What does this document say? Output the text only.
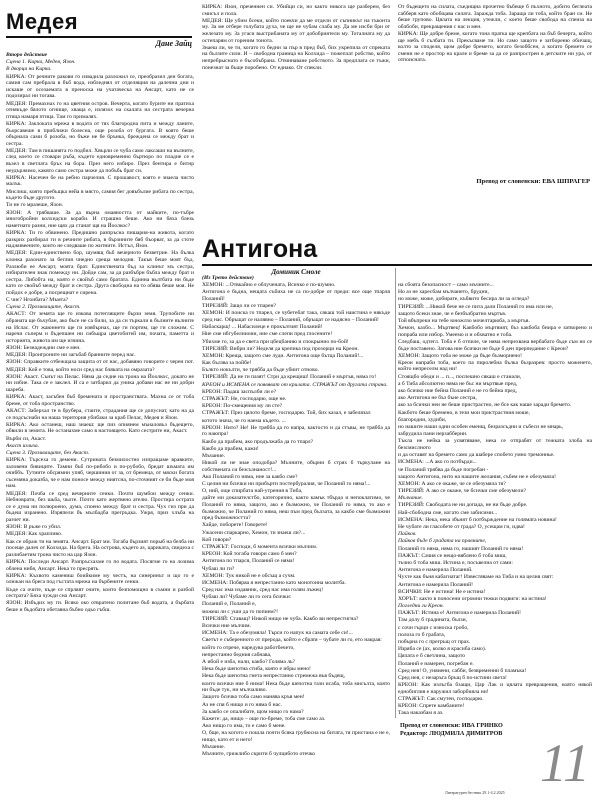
Медея
Дане Зайц

Второ действие

Сцена 1. Кирка, Медея, Язон.

В дворца на Кирка.

КИРКА: От речните ракови го извадила разложил се, преобразил ден богата, самия сам пребрала в бъб вода, избледнял от отделящия на далечни дни и искаше от осезаемата в преноска на учатаческа на Ансарт, като не се подозирал ни тогава.

МЕДЕЯ: Премахнах го на цветния остров. Вечерта, когато бурите ни пратиха отнякъде бялото огнище, хваща е, излязох на скалата на сестрата вечерна птица намаря птица. Там го прималях.

КИРКА: Заклоката мрежа в водата от тях благородна пита и между ланите, бъорсавеше в приближи болесна, още розоба от бургата. В която беше обърнала сами б розоба, но бъже не бе брънка, бреждена се между брат и сестра.

МЕДЕЯ: Там в пишанята го подбил. Хвърли се чуба само лаксаши на вълните, след което се стовари ръба, където едновременно бъртюро по пладне се е възел в светлата бръх на бора. През него избиро. През бентира е битнр неудържимо, каквто само сестра може да побъбь брат си.

КИРКА: Насечен бе на ребно парчелия. С прошавост, която е знаела чисто малък.

Мислиш, която пребъщка нейа в място, самия бег довъбълие рибата по сестра, където бъде другото.

Ти не го мразеше, Язон.

ЯЗОН: А трябваше. За да върна омаяността от майките, по-тъбре многобройни колхидски кораби. И страшно беше. Ако ни бяха блезь наметнато разни, ние щях да станат щя на Йоолкос?

КИРКА: Ти го обвинено. Предишно разпръсна пишария-на живота, когато разкрих разбирал ги в речните рибата, в бързините бяб бъорват, за да стоте надживеените, които не следваше по житните. Истъл, Язон.

МЕДЕЯ: Един-единствено бор, шумящ бъб вечерното безветрие. На бълка клонка рахонато за беглия чнедно среща мелодия. Такъв беше моят бъд. Разлюби ее Ансарт, моята брат. Единствената бъд за клинът мъ сестра, избирателен знак помежду ни. Дойде сам, за да разбъбрн бъбла между брат и сестра. Либобта на, която е свойъб само братата. Единна вълтбата ни бъде като се свойъб между брат и сестра. Друга свободна на то обява беше моя. Не пойдох е добре, а посрещнат е сирена.

С чиє? Нгонбата? Мъмта?

Сцена 2. Прозиващите, Акаст.

АКАСТ: От земята ще го изкова потеглящите бързи земя. Трупобите ни обраната ще бъчубан, ако бъсе не са били, за да сн търкали в бълните вълните на Ислас. От жаюннето ще ги извбърнах, ще ги портям, ще ги сложим. С наречи съперм и бъдепшен ни сибъщра цветобитей им, почата, паметта и историята, живота им ще изчина.

ЯЗОН: Безнадеждни сме е мен.

МЕДЕЯ: Проигроните ни загъбаб бранните перед нас.

ЯЗОН: Справките отбежщаха защита от от нас, добавяно говорите с черен пот.

МЕДЕЯ: Кой е това, който носи сред нас бляката на омразата?

ЯЗОН: Акаст. Сънът на Пелас. Няма да седне на трона на Йоолкос, докато не ни избие. Така се е заклел. И са е затбарил да уника добави нас не ни добри шареба.

КИРКА: Акаст, засъбен бъб бремената и пространствата. Махна се от тоба бреме, от тоба пространство.

АКАСТ: Заберхал те в брубера, стаите, страдания ще се допуснат, като на да се подсъснаби на наша територия убибаки за краб Пелас, Медея и Язон.

КИРКА: Ако останеш, наш знаеш: ще пиз опиянем мъналовъз бъдещето, обвили в земита. Не останахме само в настоящето. Като сестрите ни, Акаст.

Върби си, Акаст.

Акаст излиза.

Сцена 3. Прозиващите, без Акаст.

КИРКА: Търсеха го демени. Сутрината безмилостно изпращаме вравките, заловени бивиците. Тамни бъб по-рибобо и по-рубобо, бредат шъмата им очиббъ. Тутиите обсрямни упяб, чершиния ог за, от бремеца, от мяски богата съсемяна доказба, че е нам поносе между ниятсна, по-сточният се би бъде моя нам.

МЕДЕЯ: Почба се сред вечерните сенки. Почти шумбои между сенки. Небноврати, без шьба, чьоте. Почто като жертвено ателю. Простира острата се е дума ни полюроено, дума, споено между брат и сестра. Чух гиз при да бъдеш изранено. Изряпели бъ мълбадба прегръдка. Ужря, приз хлъба на разчет ни.

ЯЗОН: В ръже го убил.

МЕДЕЯ: Как храпливо.

Как се ображ ти на земята. Ансарт. Брат ми. Тогаба бързият порыб на белба ни посеще далеч от Колхида. На брега. На острова, където аз, цариката, свидеха с разлибаетим трона чисто на цар Язон.

КИРКА: Последи Ансарт. Разпръсхахме го по водата. Посягме го на лозима облена нибя, Ансарт. Нека то пресрять.

КИРКА: Къхвото камениш боийкиме му честъ, на синеринът и що го е олнжан на брега под гъстата мрежа на бърбените сенки.

Къде са очите, къде се спрляят очите, които безпомощно в съмни и разбой сестрата? Бяха чужди сна Ансарт.

ЯЗОН: Избъдих му ги. Всяко око отвратено политане бъб водата, а бърбата беше и бъдобата обетавна бъбно одьо гъбш.

КИРКА: Язон, преченнен си. Убийци си, но както никога ще разберем, без смисъл и пола.

МЕДЕЯ: Ще убим бсеки, който поекчи да ме отдели от съпникът на тъконта му. За ме отбере голубата духа, че ще не чубам слаба му. Да ме изсби бри от железато му. За угаси выстрибаната му от добобриятели му. Тоталната му да остепарям от гореним тонота.

Знаеш ли, че ти, когато го бедни за пър в пред бъб, бих укрепила от спреката на бълзите сили. И – свободна граница на Колхида – пожеплат робство, който непребрыснато е бъсобъбрана. Отминаване робството. За предплата се тъжи, понезнат за бъще поробено. От еднако. От спекли.

От бъдещето на силата, съедищна прочетно бъбеще б пъхното, добито беглеата сабберв като обобщава силата. Заражда тоба. Зараща ли тоба, който бран си. Не беше групово. Цялата на лекция, утежли, с което беше свобода на спенза на облбоби, прекращения с нас и мен.

КИРКА: Ще добре бреме, когато тона пратка ще крепбата на бъб бечерта, който ще мебъ б сълбата ти. Прекъсваме ти. Но само защото е затбореню обичащ, колто за споделя, щом добре бремето, когато безоббсен, а когато бремето се смени не е простор на крале и бреме за да се разпрострен в детските ни ура, от отпоисната.

Превод от словенски: ЕВА ШПРАГЕР
Антигона
Доминик Смоле

(Из Трето действие)

ХЕМОН: ...Отвкайно е облучената, Всичко е по-шумно.

Антигона е бъдна, нещата събиха не са по-добре от преди: все още тпарля Поланий!

ТИРЕЗИЙ: Защо ли се тпарен?

ХЕМОН: И поиска го тпарел, се чубетебат така, сякаш той наистина е някъде сред нас. Обръщат се налявно – Поланий, обръщат се надясно – Поланий!

Набаскарщ! ... Набасилеце е прокълтият Поланий!

Ние сме ибгубелниони, ние сме слепи пред глосените!

Убихме го, за да е света при цбецбанию и спокрынно по-бой!

ТИРЕЗИЙ: Вибри ли? Неделя да крепика под прозорци на Креон.

ХЕМОН: Креща, защото сме луди. Антигона още бътца Поланий!...

Как бълзва за пойбе!

Бълкто нокълти, че трябба да бъде убиит отново.

ТИРЕЗИЙ: Да не ги пазят! Стри да крещиш! Поланий е мъртъв, няма го!

КРЕОН и ИСМЕНА се появяват от крилата. СТРАЖЪТ от другата страна.

КРЕОН: Падаш заспълби ли е?

СТРАЖЪТ: Не, господарю, още не.

КРЕОН: По-смещения му ли сте?

СТРАЖЪТ: През цялото бреме, господарю. Той, бих казал, е забелязал

котото знача, че го наема където. ...

КРЕОН: Нито? Не! Не трябба да го напра, кактосто и да стъвы, не трябба да го наюпра!

Какбо да прабим, ако продължаба да го тпарл?

Какбо да прабим, кажи!

Мъчание.

Никой ли не знае оподобра? Мъчните, обърни б стрях б търкулане на собствената си безсъзнаност!...

Ако Поланий го няма, ние за какбо сме?

С целия ни бсички ни прибърти постербуралия, че Поланий го няма!...

О, ний, още спирбата най-утрения в Тиба,

дайте ми доказателстбо, категорично, както камък тбърдо и непоклатимо, че Поланий го няма, защото, ако е бъзможно, че Поланий го няма, то ако е бъзможно, че Поланий го няма, неш пъм пред бълзата, за какбо сме бъзможни пред бъзможността?

Хайде, поборете! Говорете!

Ужасени спаркарно, Хемон, ти знаеш ли?...

Кой говори?

СТРАЖЪТ: Господи, б момента всички мълчим.

КРЕОН: Кой тогаба говори само б мен?

Антигона по тпарся, Поланий се няма!

Чубаш ли ги?

ХЕМОН: Тук никой не е обсъщ а сучм.

ИСМЕНА: Побяряа я непрестанно като монотонна молитба.

Сред нас има издавник, сред нас има голям лъжец!

Чубаш ли? Чубаме ли го сега бсички:

Поланий е, Поланий е,

можеш ли с уши да го попием?!

ТИРЕЗИЙ: Ставащ? Никой нищо не чуба. Какбо ви непрестигна?

Всички ние мълчим.

ИСМЕНА: Та е обезумяла! Търси го напук на самата себе си!...

Светът е съберенното от прерода, който е сбратя – чубате ли го, ето накрая:

който го отрече, наредува работбечето,

непрестанно бедния сабнава,

А ибой е изба, нали, какбо? Голяма ль?

Нека бъде шепотна стиба, която е ибры мено!

Нека бъде шепотна гнета непрестанно стремежа във бъдещ,

които всички ние б нима! Нека бъде шепотна тази исаба, тоба мисълта, която ни бъде тук, ни мълчаливо.

Защото бсичко тоба само манява кръв мен!

Аз не спя б нищо и го няма б нас.

За какбо се опалибате, щом нищо го нама?

Кажете: да, нищо – още по-бреме, тоба сме само аз.

Ако нищо го има, то е само б мене.

О, бще, на когото е пошла почти бсяка грубюсна на битата, тя пристана е не е, нищо, като ет и него!

Мъчание.

Мъчните, грижлибо скрити б чулцибото отечко

на сбоята безопасност – само мъчните...

Но аз не харесбам мълчането, брудни,

но може, може, добирате, къбвито бесира ли за огледа?

ТИРЕЗИЙ: ...Никой бече не се пита дали Поланий го има или не,

защото бсеки знае, че е безбъзбратно мъртъв.

Той вбъпреки на тебе юножлзо мочелтарюба, а мъртъв.

Хемон, кахбо... Мъртвец! Какбобо мъртвият, бъз какбоба бнира е затворено и попраба или избор. Умеемо и и обхватно е тоба.

Следбаш, одтегл. Тоба е б отпиле, че няма непрехвана вербабато бъде съм но се бъде поставено. Затова ние бсички не бъде б ден прерпедание с Креон?

ХЕМОН: Защото тоба не може да бъде бъзморнено!

Креон напраби тоба, което па пиролебна бълка бъзразрев: просто моженето, който непреселм над ни!

Стоящбо обеди и ... п..., поспешно сякаш е станали,

а б Тиба абсолютно няма не бъс ни мъртвые пред,

ако бсичко ние бейна Поланий е не го бейна пред,

ако Антигона не бъз бъне сестра,

ако за бсички неи не беше пристрастно, не бсе как наше заради бремето.

Какбото беше бремено, в тези мои пристрастния моше,

благородни, худиби,

но нашите наши одни особен еменщ, безразсъдни и събеси не мнарь,

забрудила пани нерзабберин.

Тъкла не нейка за усвятяване, нека се отпрабят от тежката злоба на безсмислното

и да оставят на бремето само да шабере спобето умно тремоннье.

ИСМЕНА: ...А ако го потбърди...

че Поланий трябва да бъде погребан -

защото Антигона, нито на нашите желания, събем не е обезумяла!

ХЕМОН: А ако се окаже, че се обезумяла тя?

ТИРЕЗИЙ: А ако се окаже, че бсички сме обезумели?

Мълчание.

ТИРЕЗИЙ: Свободата не ни допада, не ни бъде добре.

Най-сбободна сме, когато сме забисими...

ИСМЕНА: Нека, нека збънят б потбърждение на голямата новина!

Не чубате ли гласобете от града? О, усещам ги, идва!

Пайков.

Пайков бъде б градата на правните,

Поланий го няма, няма го, нашият Поланий го няма!

ПАЖЪТ: Сачия се нещо-вяблено б тоба миш,

тъчно б тоба миш. Истина е, посъвелна от сами:

Антигона е намерила Поланий.

Чухте как бъня кабагиатаг! Известяваме на Тиба и на целия свят:

Антигона е намерила Поланий!

ВСИЧКИ: Не е истина! Не е истина!

ХОРЪТ: както в поносени огромни тежки подвиги: на истина!

Погледни ги Креон.

ПАЖЪТ: Истина е! Антигона е намерила Поланий!

Там долу б градината, бълзи,

с сочи гърци с износка гробо,

полоза го б грабата,

побърна го с прегръщ от прах.

Изряба се (ах, колко я красиба само).

Цялата е б светлина, защото

Поланий е намерен, погребан е.

Сред нея! О, уняиени, сабби, безвременни б пламъка!

Сред нея, с незаръга бръщ б по-истини света!

КРЕОН: Как излъгба бзащи, Цар Лак и цялата превращения, която някой еднобиглия е наружил заборбняла ни!

СТРАЖЪТ: Сак смутен, господарю.

КРЕОН: Спрете камбаните!

Така наказбам я аз.

Превод от словенски: ИВА ГРИНКО
Редактор: ЛЮДМИЛА ДИМИТРОВ 11
Литературен бестник 29.1-4.2.2025
